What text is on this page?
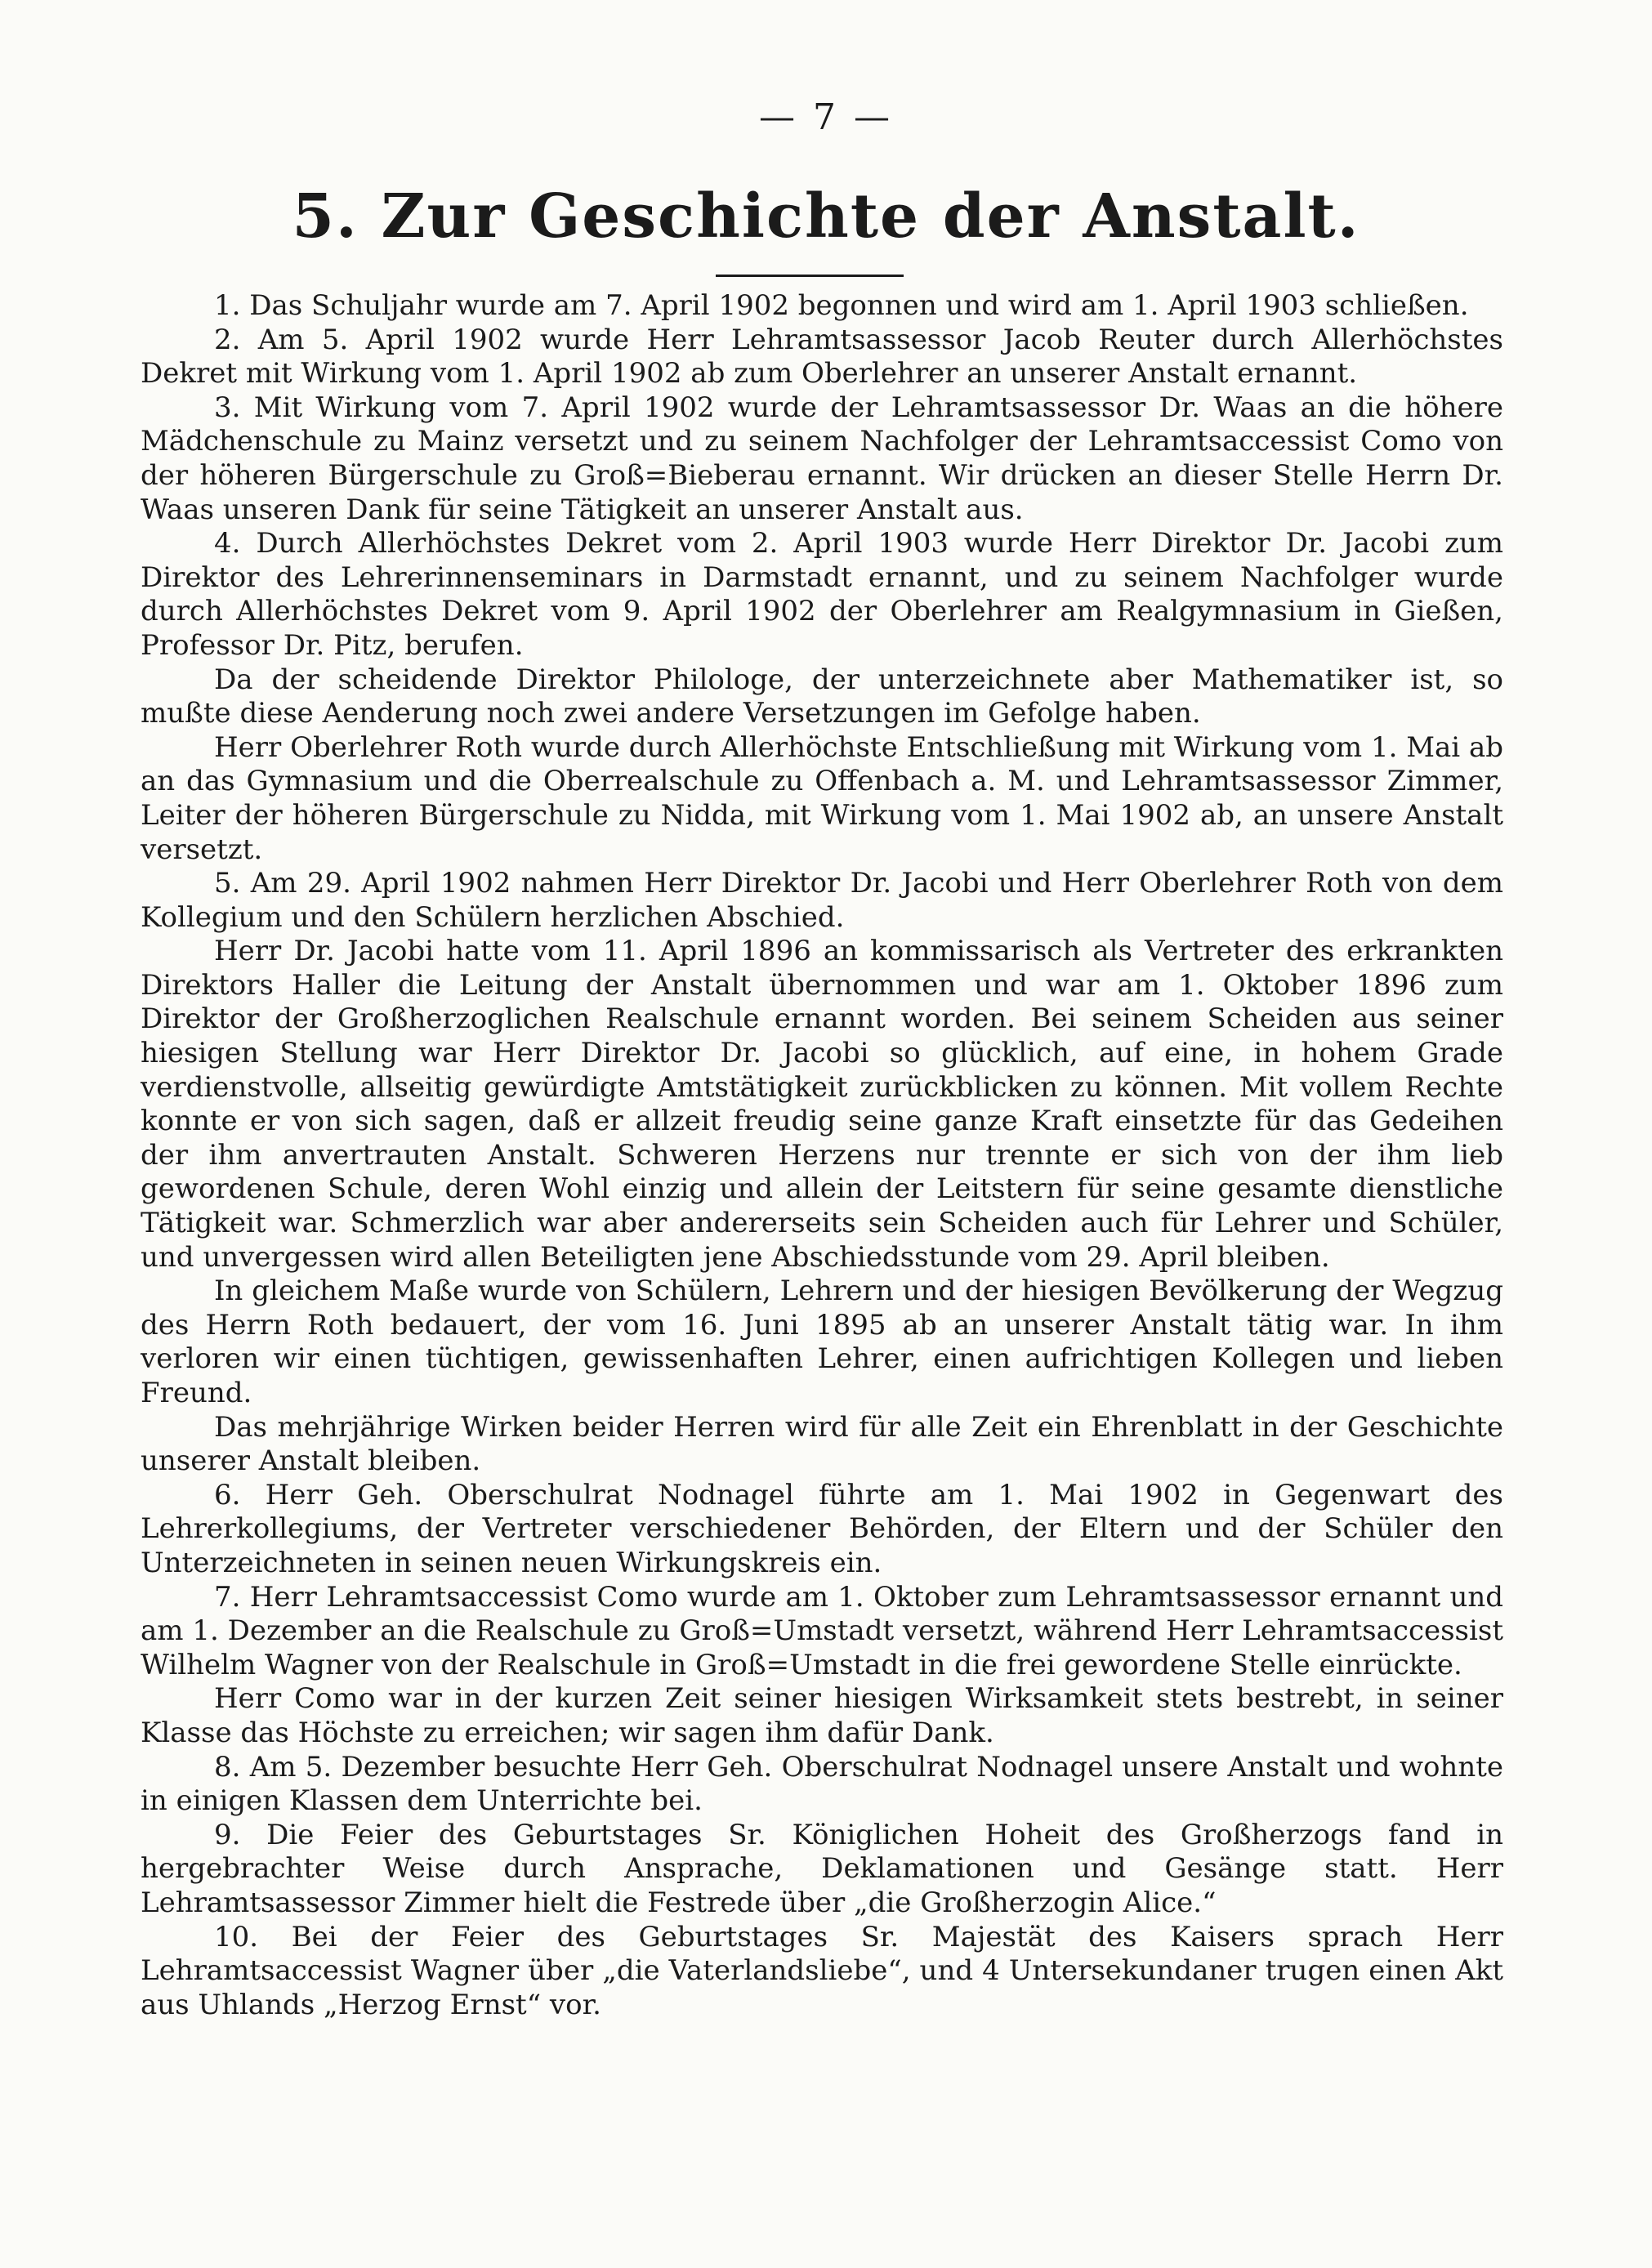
— 7 —
5. Zur Geschichte der Anstalt.

1. Das Schuljahr wurde am 7. April 1902 begonnen und wird am 1. April 1903 schließen.

2. Am 5. April 1902 wurde Herr Lehramtsassessor Jacob Reuter durch Allerhöchstes Dekret mit Wirkung vom 1. April 1902 ab zum Oberlehrer an unserer Anstalt ernannt.

3. Mit Wirkung vom 7. April 1902 wurde der Lehramtsassessor Dr. Waas an die höhere Mädchenschule zu Mainz versetzt und zu seinem Nachfolger der Lehramtsaccessist Como von der höheren Bürgerschule zu Groß=Bieberau ernannt. Wir drücken an dieser Stelle Herrn Dr. Waas unseren Dank für seine Tätigkeit an unserer Anstalt aus.

4. Durch Allerhöchstes Dekret vom 2. April 1903 wurde Herr Direktor Dr. Jacobi zum Direktor des Lehrerinnenseminars in Darmstadt ernannt, und zu seinem Nachfolger wurde durch Allerhöchstes Dekret vom 9. April 1902 der Oberlehrer am Realgymnasium in Gießen, Professor Dr. Pitz, berufen.

Da der scheidende Direktor Philologe, der unterzeichnete aber Mathematiker ist, so mußte diese Aenderung noch zwei andere Versetzungen im Gefolge haben.

Herr Oberlehrer Roth wurde durch Allerhöchste Entschließung mit Wirkung vom 1. Mai ab an das Gymnasium und die Oberrealschule zu Offenbach a. M. und Lehramtsassessor Zimmer, Leiter der höheren Bürgerschule zu Nidda, mit Wirkung vom 1. Mai 1902 ab, an unsere Anstalt versetzt.

5. Am 29. April 1902 nahmen Herr Direktor Dr. Jacobi und Herr Oberlehrer Roth von dem Kollegium und den Schülern herzlichen Abschied.

Herr Dr. Jacobi hatte vom 11. April 1896 an kommissarisch als Vertreter des erkrankten Direktors Haller die Leitung der Anstalt übernommen und war am 1. Oktober 1896 zum Direktor der Großherzoglichen Realschule ernannt worden. Bei seinem Scheiden aus seiner hiesigen Stellung war Herr Direktor Dr. Jacobi so glücklich, auf eine, in hohem Grade verdienstvolle, allseitig gewürdigte Amtstätigkeit zurückblicken zu können. Mit vollem Rechte konnte er von sich sagen, daß er allzeit freudig seine ganze Kraft einsetzte für das Gedeihen der ihm anvertrauten Anstalt. Schweren Herzens nur trennte er sich von der ihm lieb gewordenen Schule, deren Wohl einzig und allein der Leitstern für seine gesamte dienstliche Tätigkeit war. Schmerzlich war aber andererseits sein Scheiden auch für Lehrer und Schüler, und unvergessen wird allen Beteiligten jene Abschiedsstunde vom 29. April bleiben.

In gleichem Maße wurde von Schülern, Lehrern und der hiesigen Bevölkerung der Wegzug des Herrn Roth bedauert, der vom 16. Juni 1895 ab an unserer Anstalt tätig war. In ihm verloren wir einen tüchtigen, gewissenhaften Lehrer, einen aufrichtigen Kollegen und lieben Freund.

Das mehrjährige Wirken beider Herren wird für alle Zeit ein Ehrenblatt in der Geschichte unserer Anstalt bleiben.

6. Herr Geh. Oberschulrat Nodnagel führte am 1. Mai 1902 in Gegenwart des Lehrerkollegiums, der Vertreter verschiedener Behörden, der Eltern und der Schüler den Unterzeichneten in seinen neuen Wirkungskreis ein.

7. Herr Lehramtsaccessist Como wurde am 1. Oktober zum Lehramtsassessor ernannt und am 1. Dezember an die Realschule zu Groß=Umstadt versetzt, während Herr Lehramtsaccessist Wilhelm Wagner von der Realschule in Groß=Umstadt in die frei gewordene Stelle einrückte.

Herr Como war in der kurzen Zeit seiner hiesigen Wirksamkeit stets bestrebt, in seiner Klasse das Höchste zu erreichen; wir sagen ihm dafür Dank.

8. Am 5. Dezember besuchte Herr Geh. Oberschulrat Nodnagel unsere Anstalt und wohnte in einigen Klassen dem Unterrichte bei.

9. Die Feier des Geburtstages Sr. Königlichen Hoheit des Großherzogs fand in hergebrachter Weise durch Ansprache, Deklamationen und Gesänge statt. Herr Lehramtsassessor Zimmer hielt die Festrede über „die Großherzogin Alice.“

10. Bei der Feier des Geburtstages Sr. Majestät des Kaisers sprach Herr Lehramtsaccessist Wagner über „die Vaterlandsliebe“, und 4 Untersekundaner trugen einen Akt aus Uhlands „Herzog Ernst“ vor.
